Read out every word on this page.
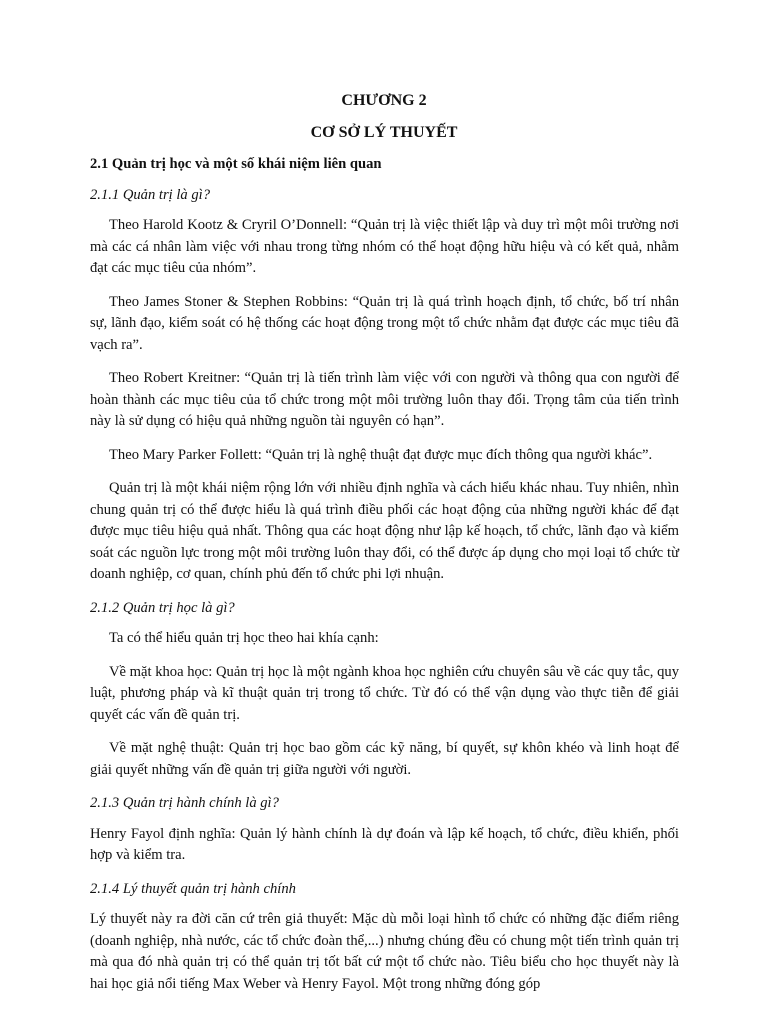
CHƯƠNG 2
CƠ SỞ LÝ THUYẾT
2.1 Quản trị học và một số khái niệm liên quan
2.1.1 Quản trị là gì?
Theo Harold Kootz & Cryril O’Donnell: “Quản trị là việc thiết lập và duy trì một môi trường nơi mà các cá nhân làm việc với nhau trong từng nhóm có thể hoạt động hữu hiệu và có kết quả, nhằm đạt các mục tiêu của nhóm”.
Theo James Stoner & Stephen Robbins: “Quản trị là quá trình hoạch định, tổ chức, bố trí nhân sự, lãnh đạo, kiểm soát có hệ thống các hoạt động trong một tổ chức nhằm đạt được các mục tiêu đã vạch ra”.
Theo Robert Kreitner: “Quản trị là tiến trình làm việc với con người và thông qua con người để hoàn thành các mục tiêu của tổ chức trong một môi trường luôn thay đổi. Trọng tâm của tiến trình này là sử dụng có hiệu quả những nguồn tài nguyên có hạn”.
Theo Mary Parker Follett: “Quản trị là nghệ thuật đạt được mục đích thông qua người khác”.
Quản trị là một khái niệm rộng lớn với nhiều định nghĩa và cách hiểu khác nhau. Tuy nhiên, nhìn chung quản trị có thể được hiểu là quá trình điều phối các hoạt động của những người khác để đạt được mục tiêu hiệu quả nhất. Thông qua các hoạt động như lập kế hoạch, tổ chức, lãnh đạo và kiểm soát các nguồn lực trong một môi trường luôn thay đổi, có thể được áp dụng cho mọi loại tổ chức từ doanh nghiệp, cơ quan, chính phủ đến tổ chức phi lợi nhuận.
2.1.2 Quản trị học là gì?
Ta có thể hiểu quản trị học theo hai khía cạnh:
Về mặt khoa học: Quản trị học là một ngành khoa học nghiên cứu chuyên sâu về các quy tắc, quy luật, phương pháp và kĩ thuật quản trị trong tổ chức. Từ đó có thể vận dụng vào thực tiễn để giải quyết các vấn đề quản trị.
Về mặt nghệ thuật: Quản trị học bao gồm các kỹ năng, bí quyết, sự khôn khéo và linh hoạt để giải quyết những vấn đề quản trị giữa người với người.
2.1.3 Quản trị hành chính là gì?
Henry Fayol định nghĩa: Quản lý hành chính là dự đoán và lập kế hoạch, tổ chức, điều khiển, phối hợp và kiểm tra.
2.1.4 Lý thuyết quản trị hành chính
Lý thuyết này ra đời căn cứ trên giả thuyết: Mặc dù mỗi loại hình tổ chức có những đặc điểm riêng (doanh nghiệp, nhà nước, các tổ chức đoàn thể,...) nhưng chúng đều có chung một tiến trình quản trị mà qua đó nhà quản trị có thể quản trị tốt bất cứ một tổ chức nào. Tiêu biểu cho học thuyết này là hai học giả nổi tiếng Max Weber và Henry Fayol. Một trong những đóng góp
